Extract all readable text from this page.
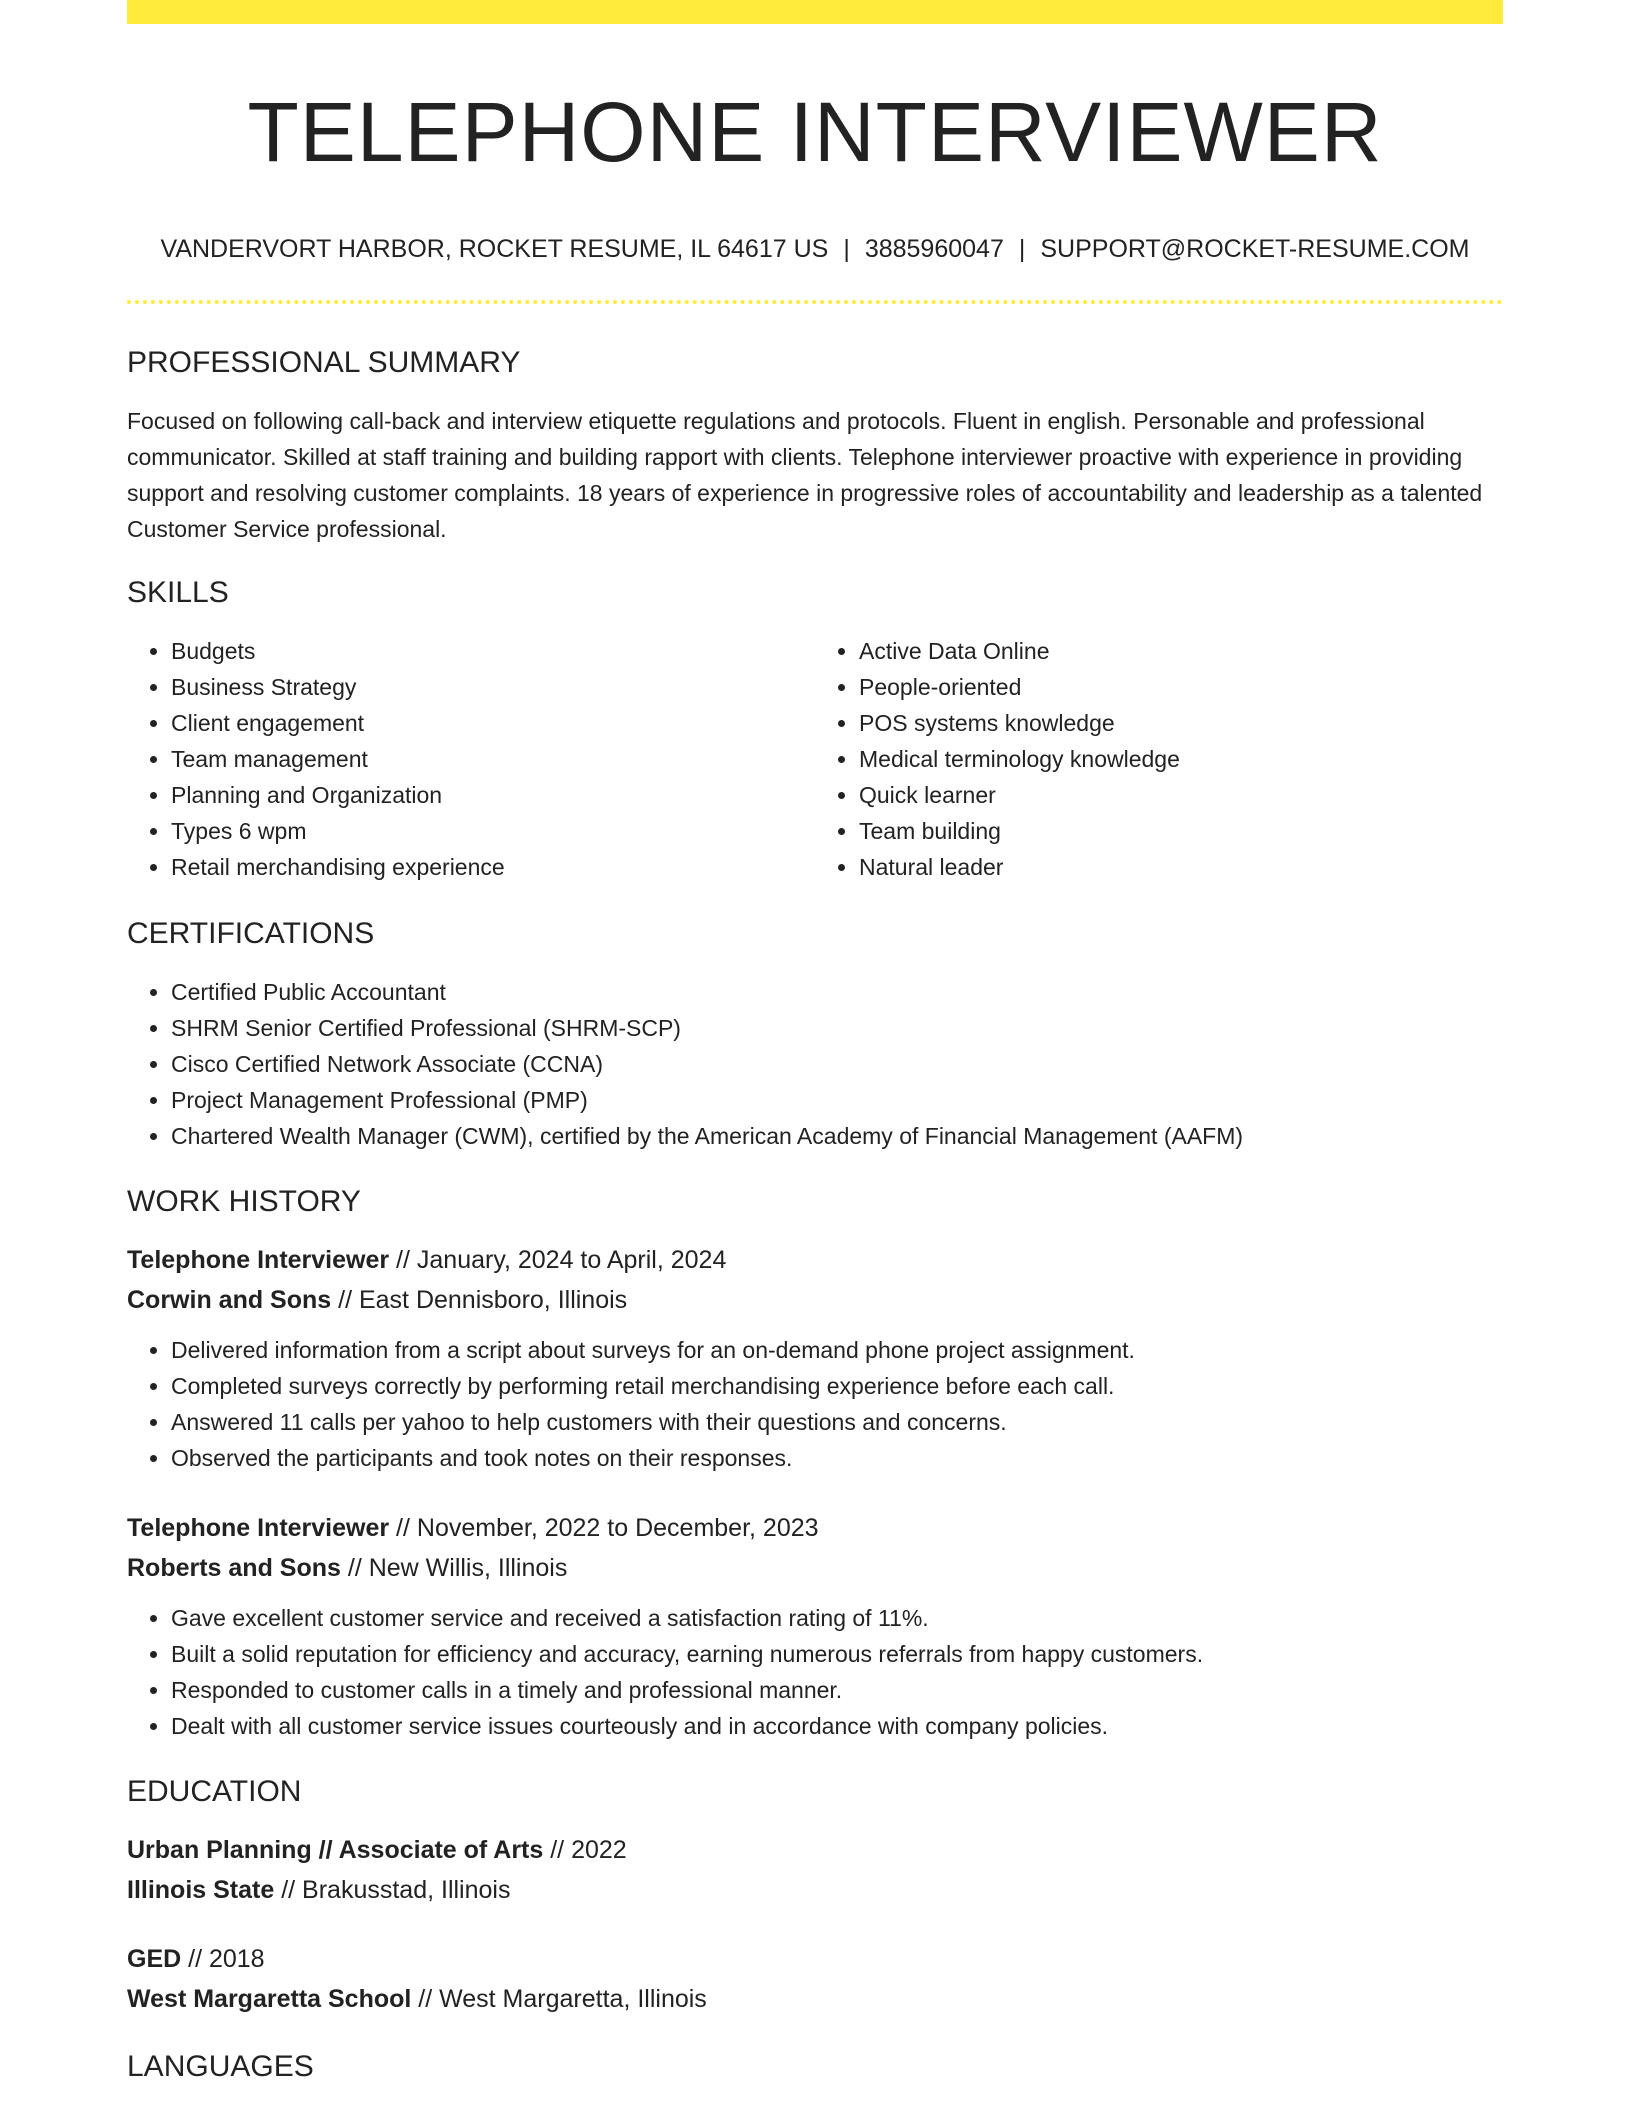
TELEPHONE INTERVIEWER
VANDERVORT HARBOR, ROCKET RESUME, IL 64617 US | 3885960047 | SUPPORT@ROCKET-RESUME.COM
PROFESSIONAL SUMMARY
Focused on following call-back and interview etiquette regulations and protocols. Fluent in english. Personable and professional communicator. Skilled at staff training and building rapport with clients. Telephone interviewer proactive with experience in providing support and resolving customer complaints. 18 years of experience in progressive roles of accountability and leadership as a talented Customer Service professional.
SKILLS
• Budgets
• Business Strategy
• Client engagement
• Team management
• Planning and Organization
• Types 6 wpm
• Retail merchandising experience
• Active Data Online
• People-oriented
• POS systems knowledge
• Medical terminology knowledge
• Quick learner
• Team building
• Natural leader
CERTIFICATIONS
• Certified Public Accountant
• SHRM Senior Certified Professional (SHRM-SCP)
• Cisco Certified Network Associate (CCNA)
• Project Management Professional (PMP)
• Chartered Wealth Manager (CWM), certified by the American Academy of Financial Management (AAFM)
WORK HISTORY
Telephone Interviewer // January, 2024 to April, 2024
Corwin and Sons // East Dennisboro, Illinois
• Delivered information from a script about surveys for an on-demand phone project assignment.
• Completed surveys correctly by performing retail merchandising experience before each call.
• Answered 11 calls per yahoo to help customers with their questions and concerns.
• Observed the participants and took notes on their responses.
Telephone Interviewer // November, 2022 to December, 2023
Roberts and Sons // New Willis, Illinois
• Gave excellent customer service and received a satisfaction rating of 11%.
• Built a solid reputation for efficiency and accuracy, earning numerous referrals from happy customers.
• Responded to customer calls in a timely and professional manner.
• Dealt with all customer service issues courteously and in accordance with company policies.
EDUCATION
Urban Planning // Associate of Arts // 2022
Illinois State // Brakusstad, Illinois
GED // 2018
West Margaretta School // West Margaretta, Illinois
LANGUAGES
